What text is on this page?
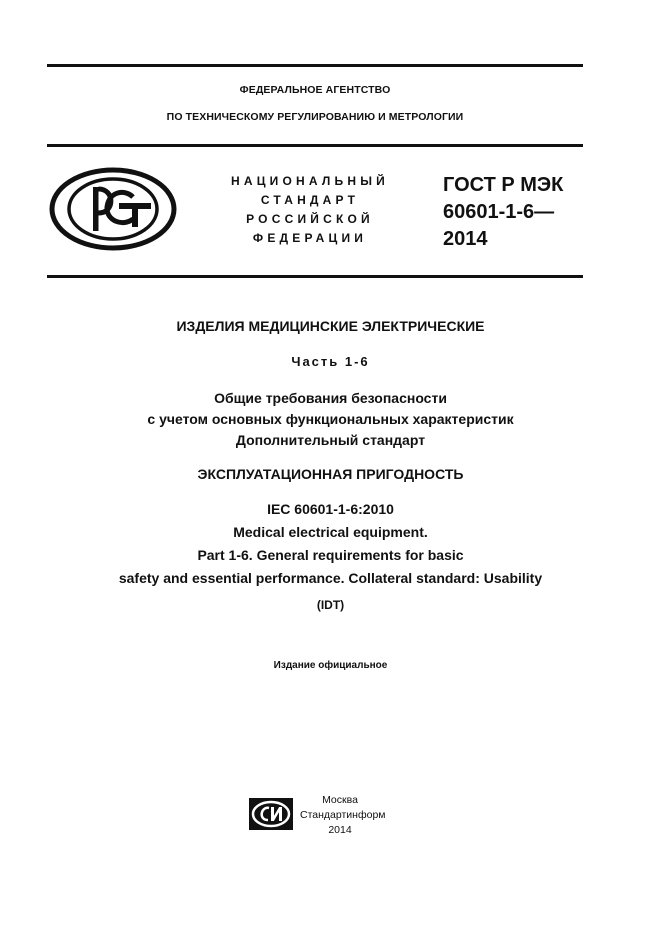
ФЕДЕРАЛЬНОЕ АГЕНТСТВО
ПО ТЕХНИЧЕСКОМУ РЕГУЛИРОВАНИЮ И МЕТРОЛОГИИ
НАЦИОНАЛЬНЫЙ
СТАНДАРТ
РОССИЙСКОЙ
ФЕДЕРАЦИИ
ГОСТ Р МЭК
60601-1-6—
2014
ИЗДЕЛИЯ МЕДИЦИНСКИЕ ЭЛЕКТРИЧЕСКИЕ
Часть 1-6
Общие требования безопасности
с учетом основных функциональных характеристик
Дополнительный стандарт
ЭКСПЛУАТАЦИОННАЯ ПРИГОДНОСТЬ
IEC 60601-1-6:2010
Medical electrical equipment.
Part 1-6. General requirements for basic
safety and essential performance. Collateral standard: Usability
(IDT)
Издание официальное
Москва
Стандартинформ
2014
